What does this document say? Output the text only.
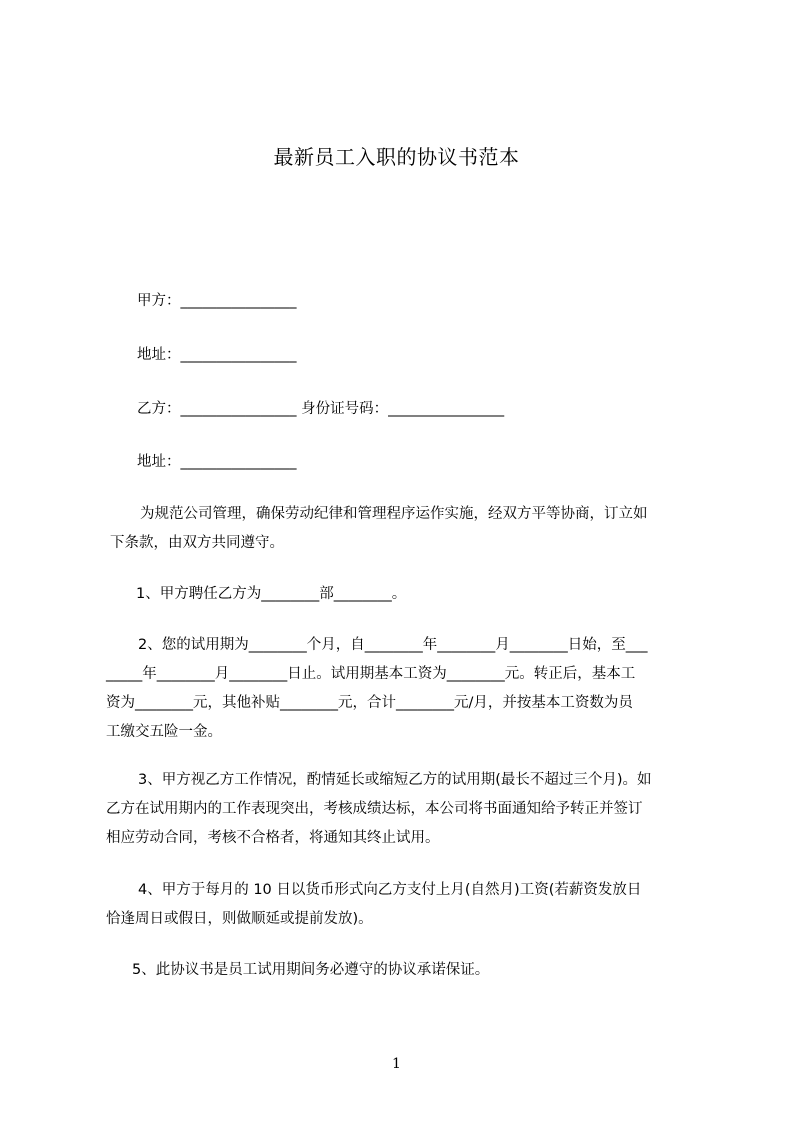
最新员工入职的协议书范本
甲方：________________
地址：________________
乙方：________________ 身份证号码：________________
地址：________________
为规范公司管理，确保劳动纪律和管理程序运作实施，经双方平等协商，订立如
下条款，由双方共同遵守。
1、甲方聘任乙方为________部________。
2、您的试用期为________个月，自________年________月________日始，至___
_____年________月________日止。试用期基本工资为________元。转正后，基本工
资为________元，其他补贴________元，合计________元/月，并按基本工资数为员
工缴交五险一金。
3、甲方视乙方工作情况，酌情延长或缩短乙方的试用期(最长不超过三个月)。如
乙方在试用期内的工作表现突出，考核成绩达标，本公司将书面通知给予转正并签订
相应劳动合同，考核不合格者，将通知其终止试用。
4、甲方于每月的 10 日以货币形式向乙方支付上月(自然月)工资(若薪资发放日
恰逢周日或假日，则做顺延或提前发放)。
5、此协议书是员工试用期间务必遵守的协议承诺保证。
1
